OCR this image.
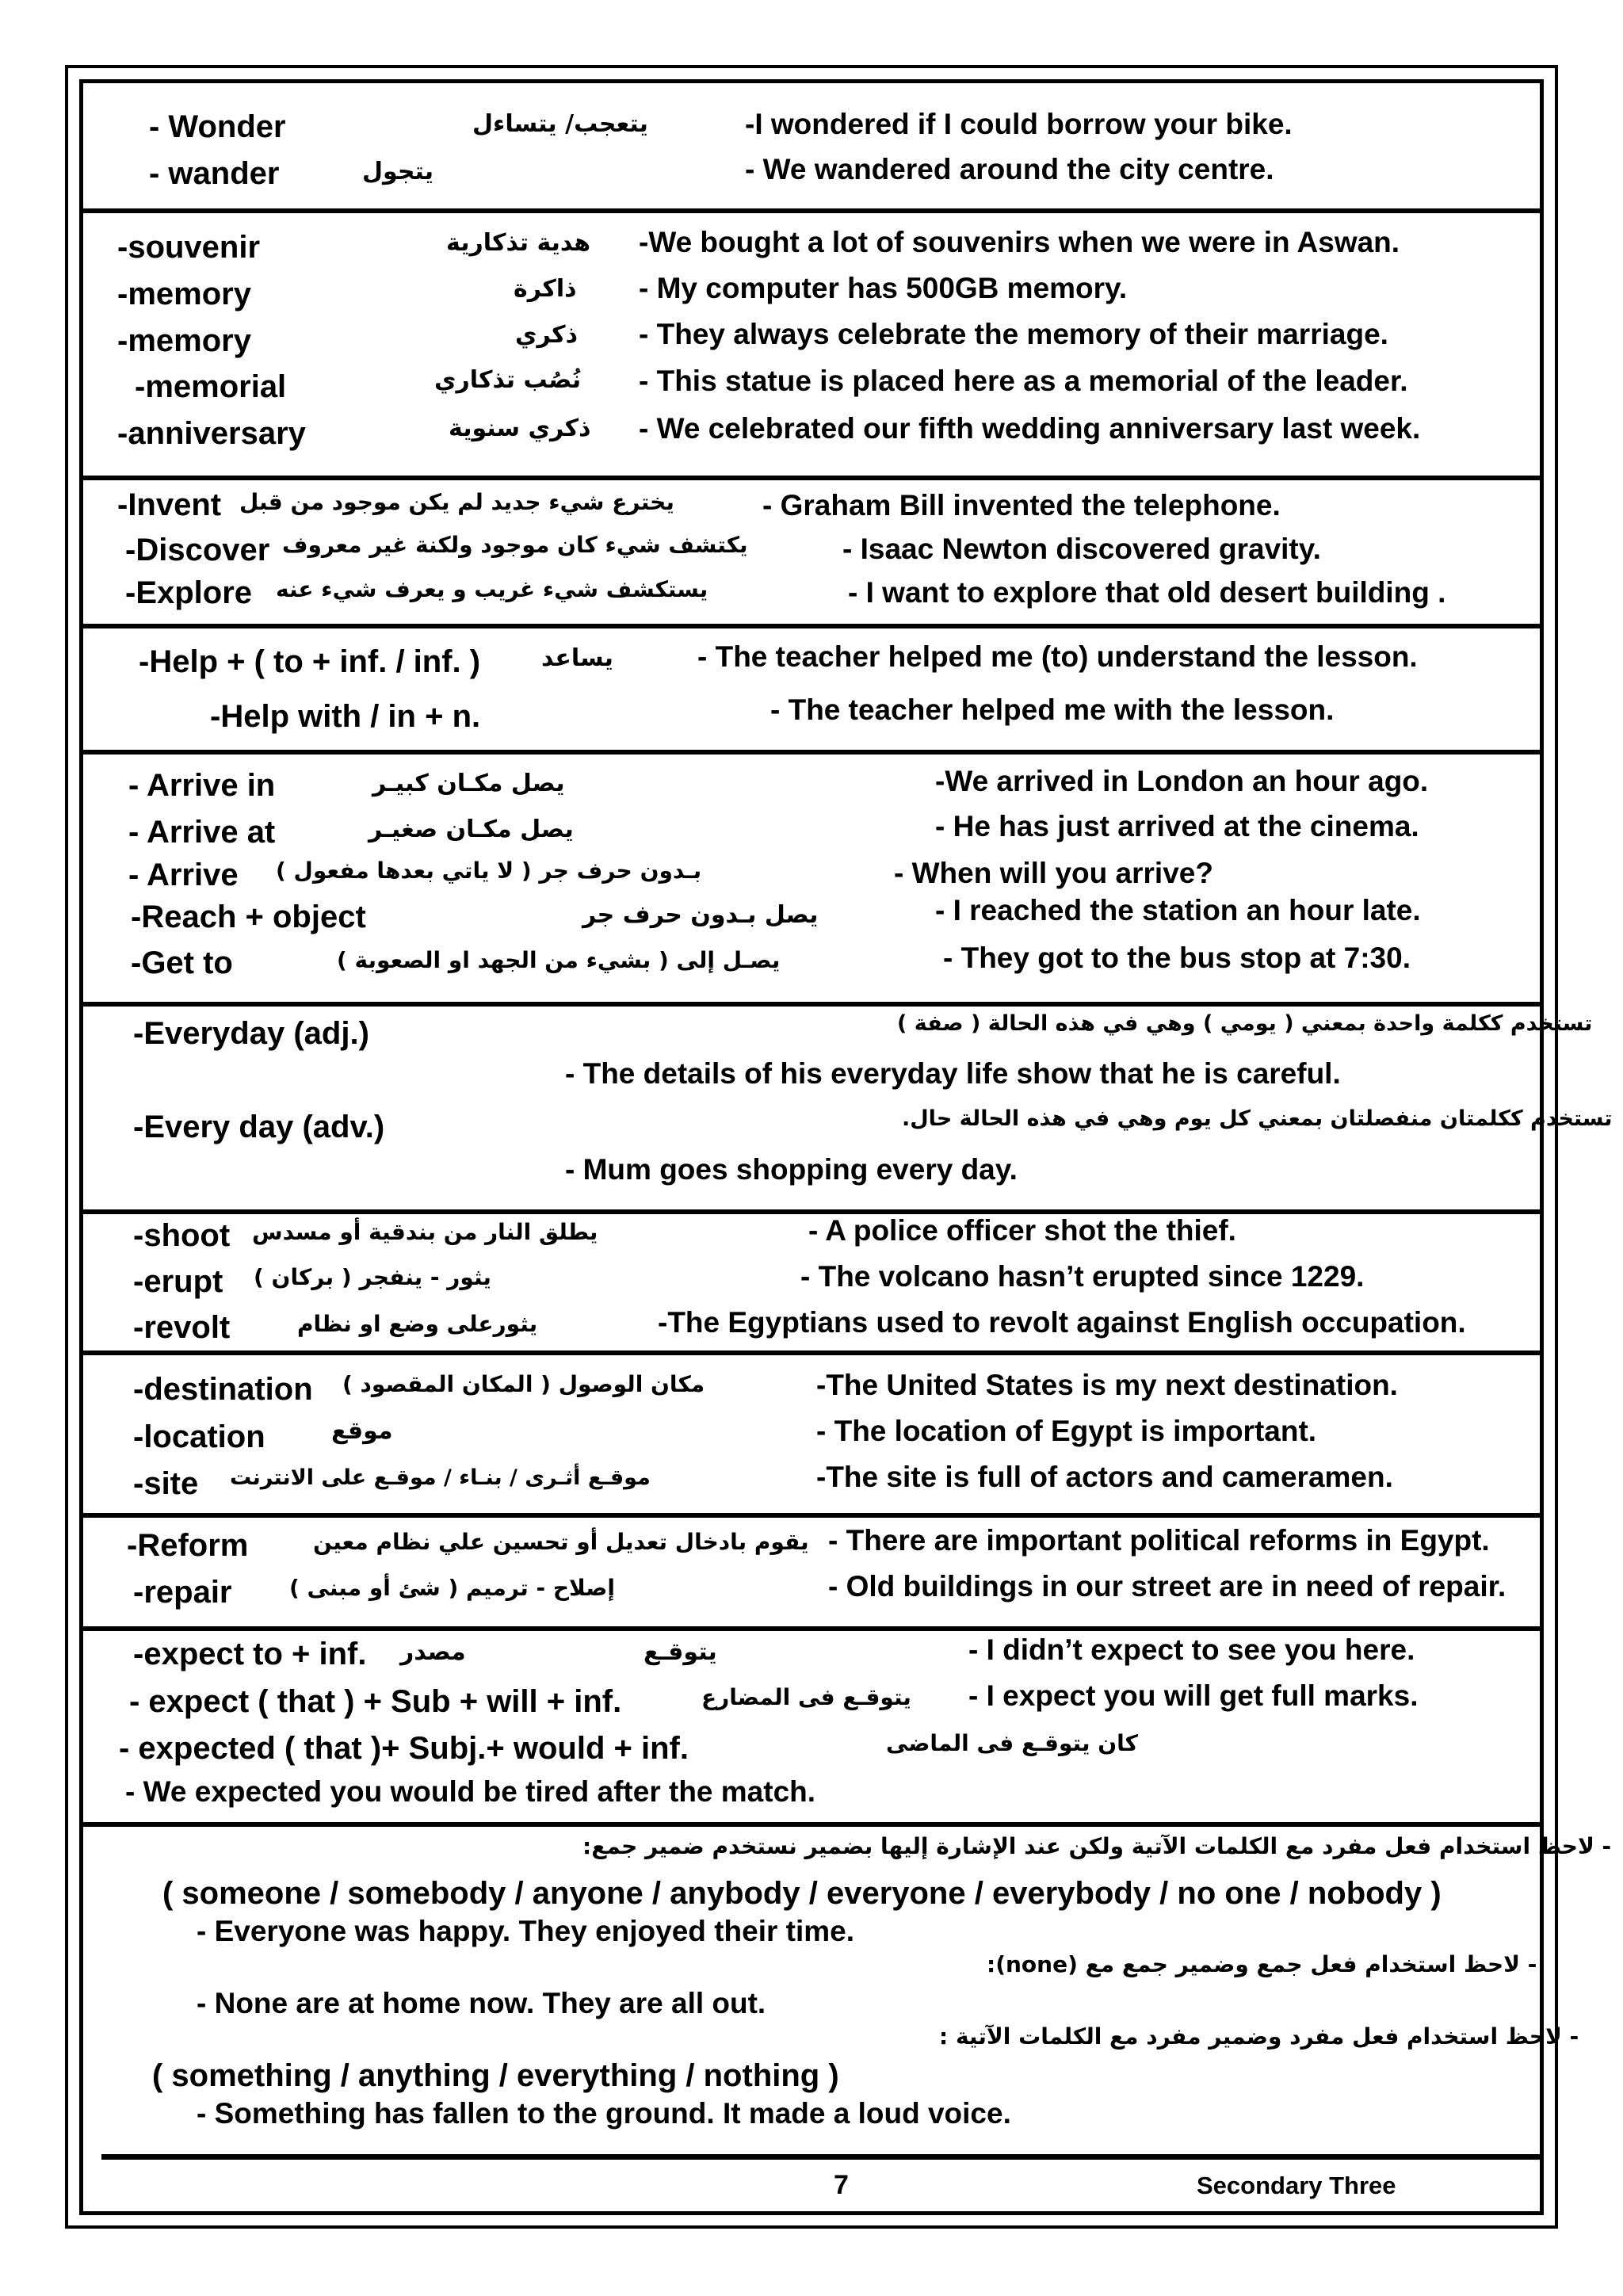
- Wonder	يتعجب/ يتساءل	-I wondered if I could borrow your bike.
- wander	يتجول	- We wandered around the city centre.
-souvenir	هدية تذكارية -We bought a lot of souvenirs when we were in Aswan.
-memory	ذاكرة - My computer has 500GB memory.
-memory	ذكري - They always celebrate the memory of their marriage.
-memorial	نُصُب تذكاري - This statue is placed here as a memorial of the leader.
-anniversary	ذكري سنوية - We celebrated our fifth wedding anniversary last week.
-Invent يخترع شيء جديد لم يكن موجود من قبل	- Graham Bill invented the telephone.
-Discover يكتشف شيء كان موجود ولكنة غير معروف	- Isaac Newton discovered gravity.
-Explore يستكشف شيء غريب و يعرف شيء عنه	- I want to explore that old desert building .
-Help + ( to + inf. / inf. )	يساعد	- The teacher helped me (to) understand the lesson.
-Help with / in + n.	- The teacher helped me with the lesson.
- Arrive in	يصل مكـان كبيـر	-We arrived in London an hour ago.
- Arrive at	يصل مكـان صغيـر	- He has just arrived at the cinema.
- Arrive بـدون حرف جر ( لا ياتي بعدها مفعول )	- When will you arrive?
-Reach + object	يصل بـدون حرف جر	- I reached the station an hour late.
-Get to	يصـل إلى ( بشيء من الجهد او الصعوبة )	- They got to the bus stop at 7:30.
-Everyday (adj.)	تستخدم ككلمة واحدة بمعني ( يومي ) وهي في هذه الحالة ( صفة )
- The details of his everyday life show that he is careful.
-Every day (adv.)	تستخدم ككلمتان منفصلتان بمعني كل يوم وهي في هذه الحالة حال.
- Mum goes shopping every day.
-shoot يطلق النار من بندقية أو مسدس	- A police officer shot the thief.
-erupt يثور - ينفجر ( بركان )	- The volcano hasn’t erupted since 1229.
-revolt	يثورعلى وضع او نظام	-The Egyptians used to revolt against English occupation.
-destination مكان الوصول ( المكان المقصود )	-The United States is my next destination.
-location	موقع	- The location of Egypt is important.
-site موقـع أثـرى / بنـاء / موقـع على الانترنت	-The site is full of actors and cameramen.
-Reform	يقوم بادخال تعديل أو تحسين علي نظام معين - There are important political reforms in Egypt.
-repair	إصلاح - ترميم ( شئ أو مبنى )	- Old buildings in our street are in need of repair.
-expect to + inf. مصدر	يتوقـع	- I didn’t expect to see you here.
- expect ( that ) + Sub + will + inf.	يتوقـع فى المضارع - I expect you will get full marks.
- expected ( that )+ Subj.+ would + inf.	كان يتوقـع فى الماضى
- We expected you would be tired after the match.
- لاحظ استخدام فعل مفرد مع الكلمات الآتية ولكن عند الإشارة إليها بضمير نستخدم ضمير جمع:
( someone / somebody / anyone / anybody / everyone / everybody / no one / nobody )
- Everyone was happy. They enjoyed their time.
- لاحظ استخدام فعل جمع وضمير جمع مع (none):
- None are at home now. They are all out.
- لاحظ استخدام فعل مفرد وضمير مفرد مع الكلمات الآتية :
( something / anything / everything / nothing )
- Something has fallen to the ground. It made a loud voice.
7	Secondary Three
